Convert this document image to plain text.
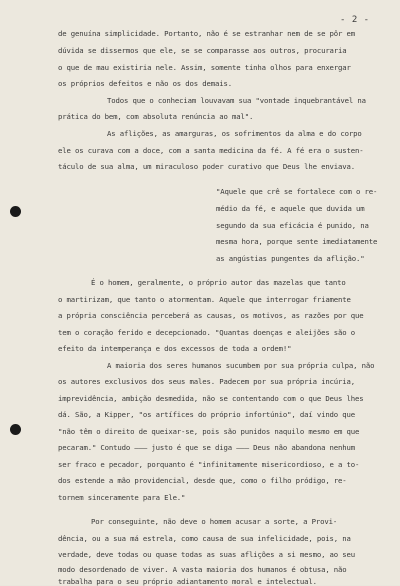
- 2 -
de genuína simplicidade. Portanto, não é se estranhar nem de se pôr em
dúvida se dissermos que ele, se se comparasse aos outros, procuraria
o que de mau existiria nele. Assim, somente tinha olhos para enxergar
os próprios defeitos e não os dos demais.
Todos que o conheciam louvavam sua "vontade inquebrantável na
prática do bem, com absoluta renúncia ao mal".
As aflições, as amarguras, os sofrimentos da alma e do corpo
ele os curava com a doce, com a santa medicina da fé. A fé era o susten-
táculo de sua alma, um miraculoso poder curativo que Deus lhe enviava.
"Aquele que crê se fortalece com o re-
médio da fé, e aquele que duvida um
segundo da sua eficácia é punido, na
mesma hora, porque sente imediatamente
as angústias pungentes da aflição."
É o homem, geralmente, o próprio autor das mazelas que tanto
o martirizam, que tanto o atormentam. Aquele que interrogar friamente
a própria consciência perceberá as causas, os motivos, as razões por que
tem o coração ferido e decepcionado. "Quantas doenças e aleijões são o
efeito da intemperança e dos excessos de toda a ordem!"
A maioria dos seres humanos sucumbem por sua própria culpa, não
os autores exclusivos dos seus males. Padecem por sua própria incúria,
imprevidência, ambição desmedida, não se contentando com o que Deus lhes
dá. São, a Kipper, "os artífices do próprio infortúnio", daí vindo que
"não têm o direito de queixar-se, pois são punidos naquilo mesmo em que
pecaram." Contudo ––– justo é que se diga ––– Deus não abandona nenhum
ser fraco e pecador, porquanto é "infinitamente misericordioso, e a to-
dos estende a mão providencial, desde que, como o filho pródigo, re-
tornem sinceramente para Ele."
Por conseguinte, não deve o homem acusar a sorte, a Provi-
dência, ou a sua má estrela, como causa de sua infelicidade, pois, na
verdade, deve todas ou quase todas as suas aflições a si mesmo, ao seu
modo desordenado de viver. A vasta maioria dos humanos é obtusa, não
trabalha para o seu próprio adiantamento moral e intelectual.
